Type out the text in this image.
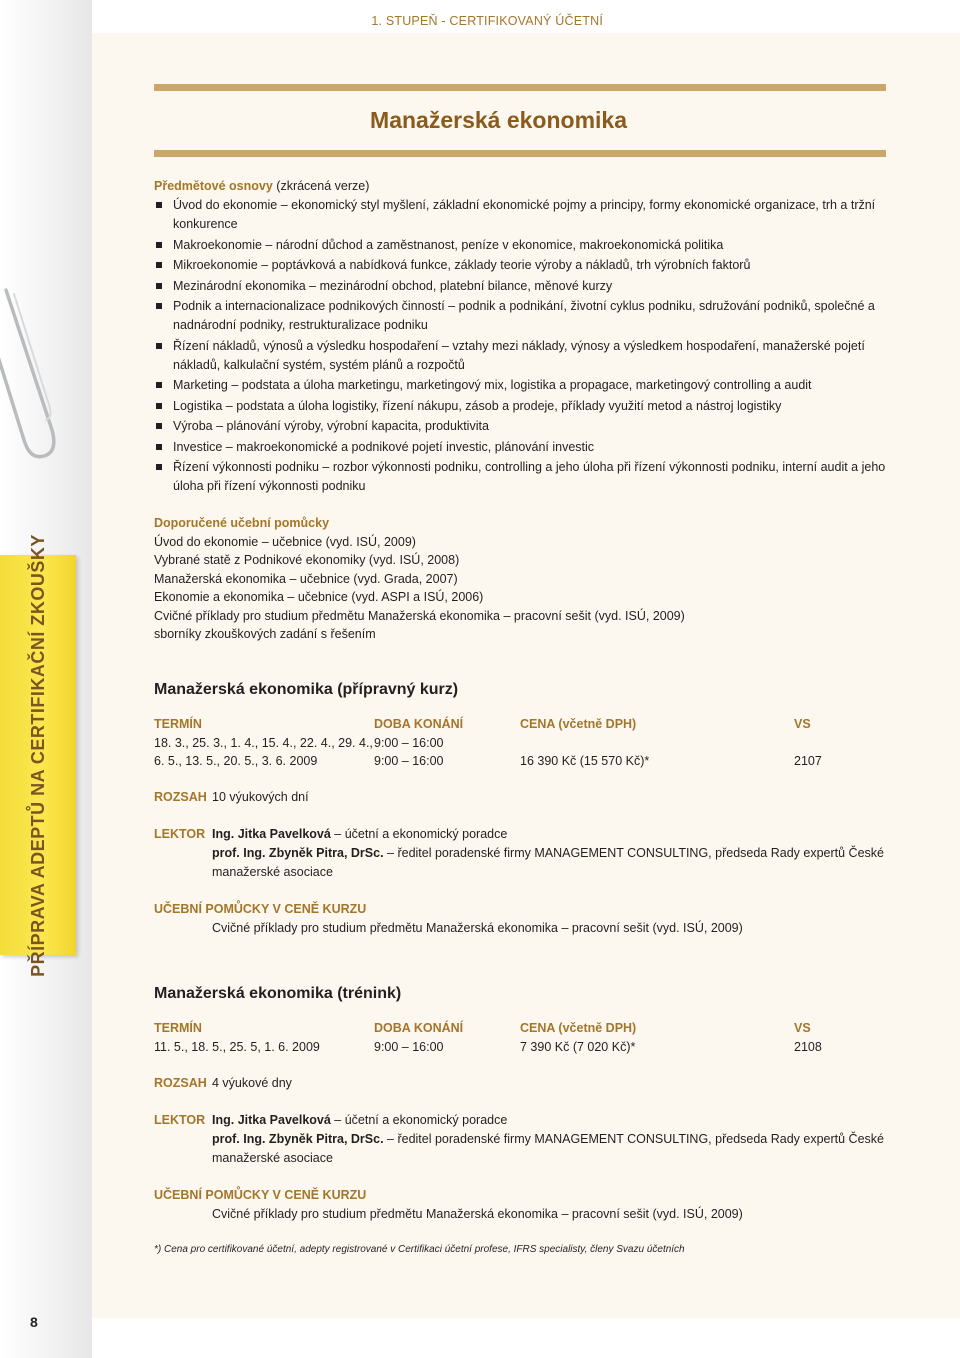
PŘÍPRAVA ADEPTŮ NA CERTIFIKAČNÍ ZKOUŠKY
8
1. STUPEŇ - CERTIFIKOVANÝ ÚČETNÍ
Manažerská ekonomika
Předmětové osnovy (zkrácená verze)
Úvod do ekonomie – ekonomický styl myšlení, základní ekonomické pojmy a principy, formy ekonomické organizace, trh a tržní konkurence
Makroekonomie – národní důchod a zaměstnanost, peníze v ekonomice, makroekonomická politika
Mikroekonomie – poptávková a nabídková funkce, základy teorie výroby a nákladů, trh výrobních faktorů
Mezinárodní ekonomika – mezinárodní obchod, platební bilance, měnové kurzy
Podnik a internacionalizace podnikových činností – podnik a podnikání, životní cyklus podniku, sdružování podniků, společné a nadnárodní podniky, restrukturalizace podniku
Řízení nákladů, výnosů a výsledku hospodaření – vztahy mezi náklady, výnosy a výsledkem hospodaření, manažerské pojetí nákladů, kalkulační systém, systém plánů a rozpočtů
Marketing – podstata a úloha marketingu, marketingový mix, logistika a propagace, marketingový controlling a audit
Logistika – podstata a úloha logistiky, řízení nákupu, zásob a prodeje, příklady využití metod a nástroj logistiky
Výroba – plánování výroby, výrobní kapacita, produktivita
Investice – makroekonomické a podnikové pojetí investic, plánování investic
Řízení výkonnosti podniku – rozbor výkonnosti podniku, controlling a jeho úloha při řízení výkonnosti podniku, interní audit a jeho úloha při řízení výkonnosti podniku
Doporučené učební pomůcky
Úvod do ekonomie – učebnice (vyd. ISÚ, 2009)
Vybrané statě z Podnikové ekonomiky (vyd. ISÚ, 2008)
Manažerská ekonomika – učebnice (vyd. Grada, 2007)
Ekonomie a ekonomika – učebnice (vyd. ASPI a ISÚ, 2006)
Cvičné příklady pro studium předmětu Manažerská ekonomika – pracovní sešit (vyd. ISÚ, 2009)
sborníky zkouškových zadání s řešením
Manažerská ekonomika (přípravný kurz)
TERMÍN	DOBA KONÁNÍ	CENA (včetně DPH)	VS
18. 3., 25. 3., 1. 4., 15. 4., 22. 4., 29. 4., 9:00 – 16:00
6. 5., 13. 5., 20. 5., 3. 6. 2009	9:00 – 16:00	16 390 Kč (15 570 Kč)*	2107
ROZSAH 10 výukových dní
LEKTOR Ing. Jitka Pavelková – účetní a ekonomický poradce
prof. Ing. Zbyněk Pitra, DrSc. – ředitel poradenské firmy MANAGEMENT CONSULTING, předseda Rady expertů České manažerské asociace
UČEBNÍ POMŮCKY V CENĚ KURZU
Cvičné příklady pro studium předmětu Manažerská ekonomika – pracovní sešit (vyd. ISÚ, 2009)
Manažerská ekonomika (trénink)
TERMÍN	DOBA KONÁNÍ	CENA (včetně DPH)	VS
11. 5., 18. 5., 25. 5, 1. 6. 2009	9:00 – 16:00	7 390 Kč (7 020 Kč)*	2108
ROZSAH 4 výukové dny
LEKTOR Ing. Jitka Pavelková – účetní a ekonomický poradce
prof. Ing. Zbyněk Pitra, DrSc. – ředitel poradenské firmy MANAGEMENT CONSULTING, předseda Rady expertů České manažerské asociace
UČEBNÍ POMŮCKY V CENĚ KURZU
Cvičné příklady pro studium předmětu Manažerská ekonomika – pracovní sešit (vyd. ISÚ, 2009)
*) Cena pro certifikované účetní, adepty registrované v Certifikaci účetní profese, IFRS specialisty, členy Svazu účetních
